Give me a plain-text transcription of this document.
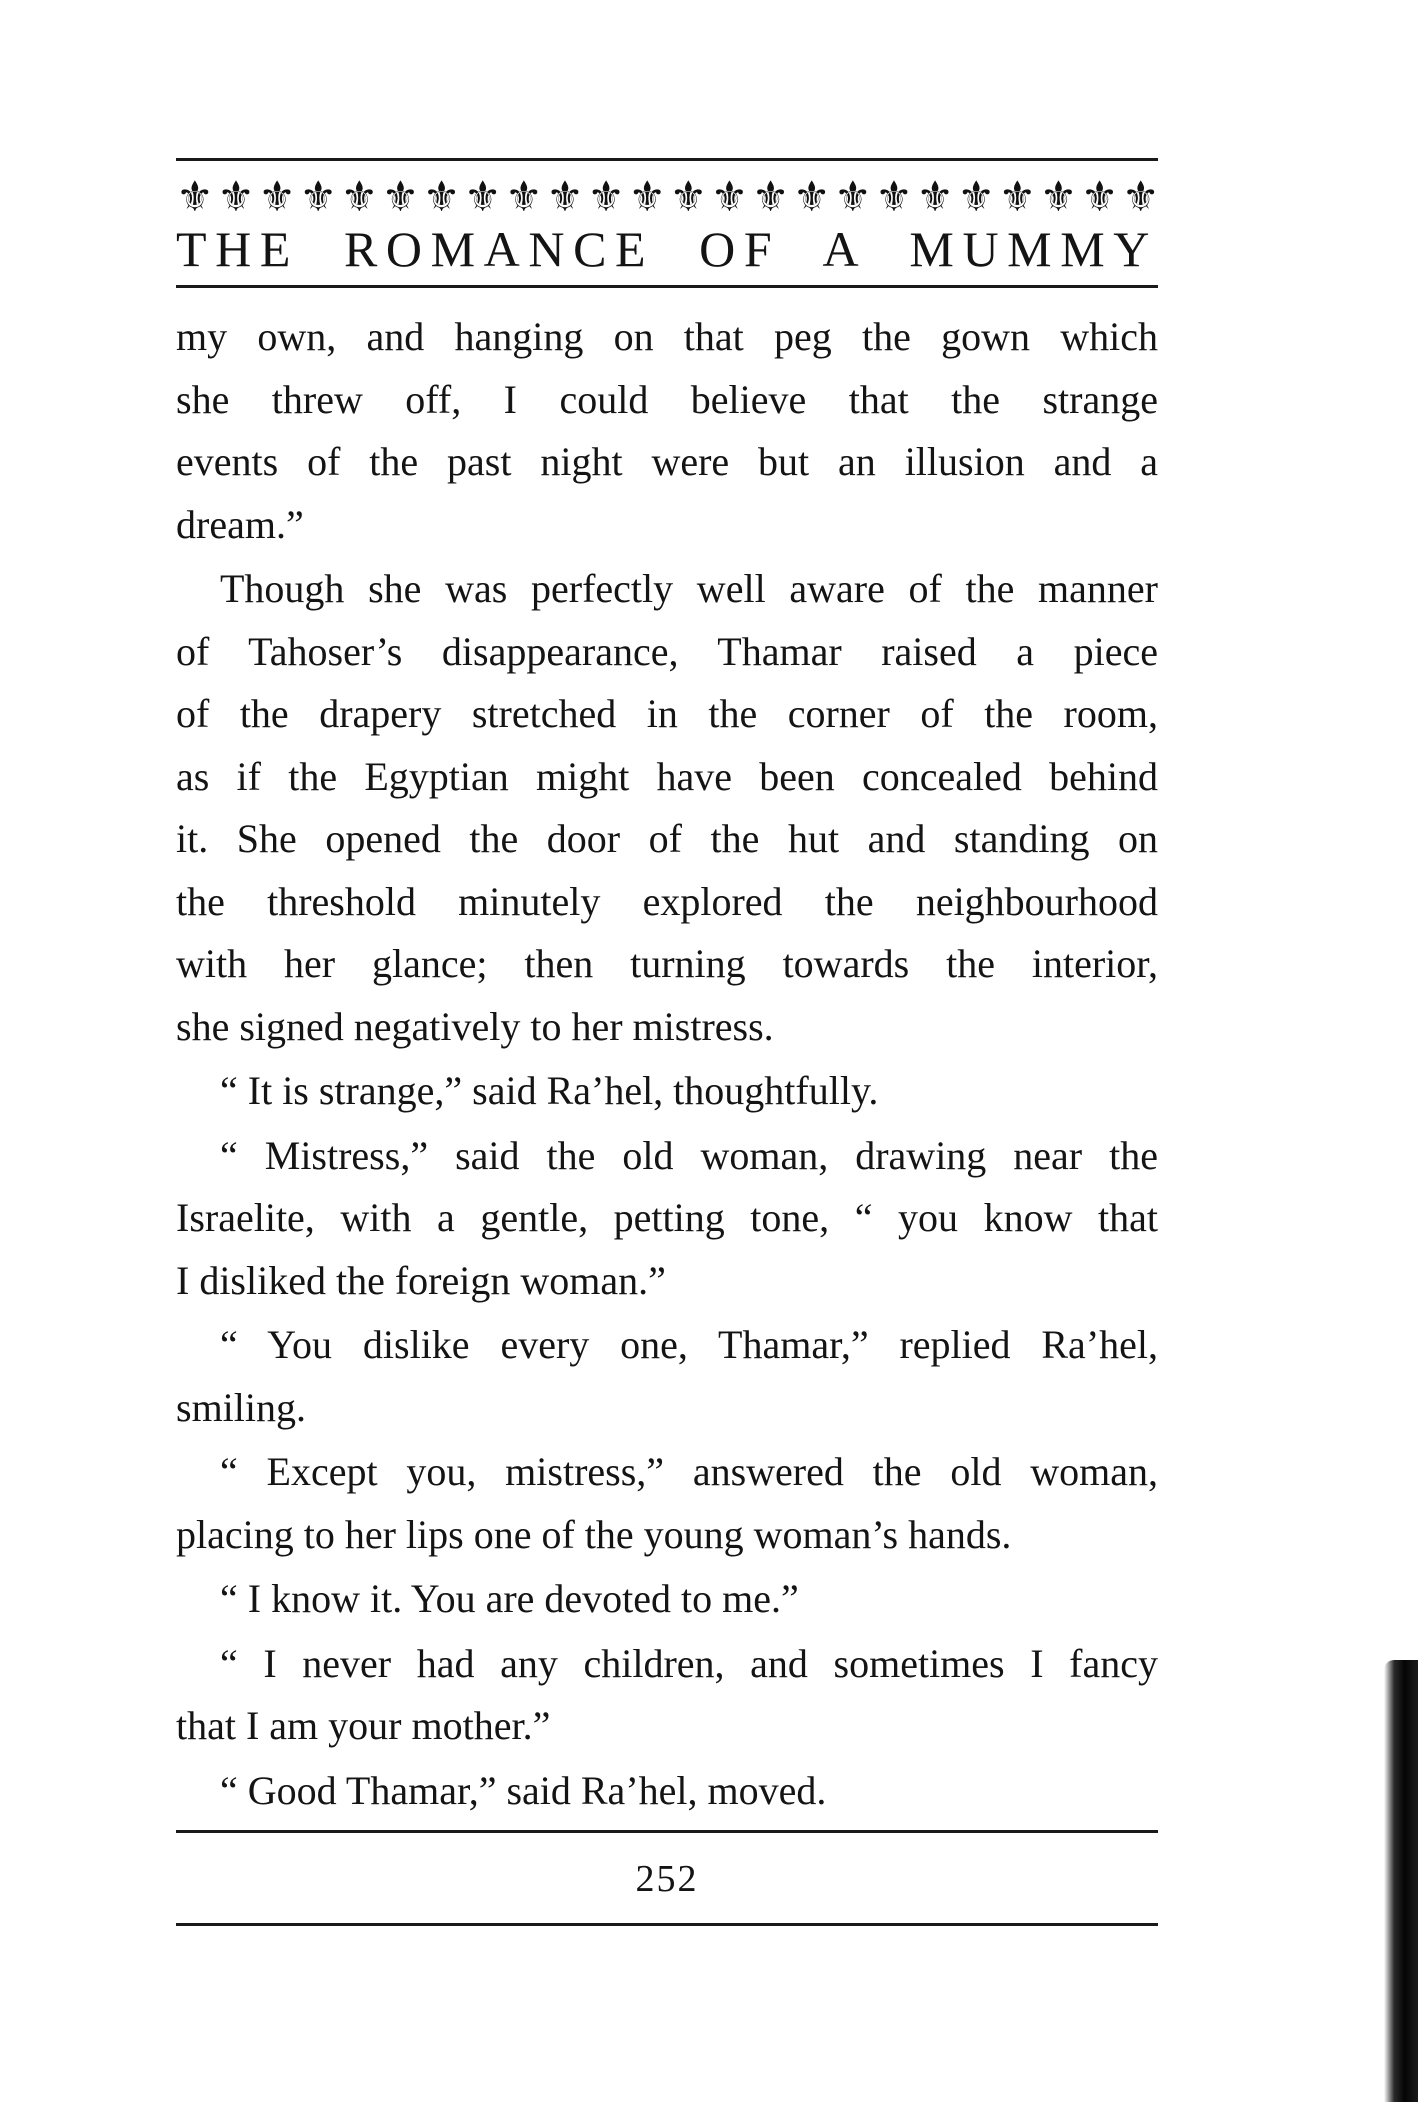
⚜ ⚜ ⚜ ⚜ ⚜ ⚜ ⚜ ⚜ ⚜ ⚜ ⚜ ⚜ ⚜ ⚜ ⚜ ⚜ ⚜ ⚜ ⚜ ⚜ ⚜ ⚜ ⚜ ⚜
THE ROMANCE OF A MUMMY
my own, and hanging on that peg the gown which
she threw off, I could believe that the strange
events of the past night were but an illusion and a
dream.”
Though she was perfectly well aware of the manner
of Tahoser’s disappearance, Thamar raised a piece
of the drapery stretched in the corner of the room,
as if the Egyptian might have been concealed behind
it. She opened the door of the hut and standing on
the threshold minutely explored the neighbourhood
with her glance; then turning towards the interior,
she signed negatively to her mistress.
“ It is strange,” said Ra’hel, thoughtfully.
“ Mistress,” said the old woman, drawing near the
Israelite, with a gentle, petting tone, “ you know that
I disliked the foreign woman.”
“ You dislike every one, Thamar,” replied Ra’hel,
smiling.
“ Except you, mistress,” answered the old woman,
placing to her lips one of the young woman’s hands.
“ I know it. You are devoted to me.”
“ I never had any children, and sometimes I fancy
that I am your mother.”
“ Good Thamar,” said Ra’hel, moved.
252
